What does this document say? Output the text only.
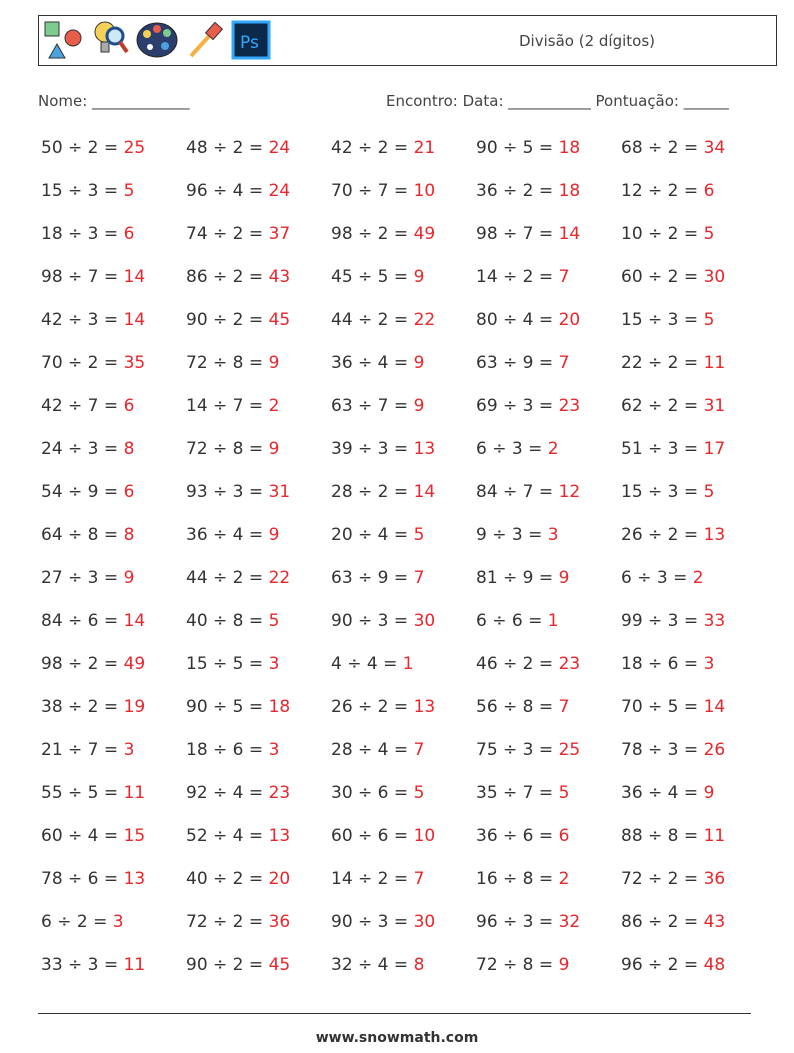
Ps	Divisão (2 dígitos)
Nome: _____________	Encontro: Data: ___________ Pontuação: ______
50 ÷ 2 = 25	48 ÷ 2 = 24	42 ÷ 2 = 21	90 ÷ 5 = 18	68 ÷ 2 = 34
15 ÷ 3 = 5	96 ÷ 4 = 24	70 ÷ 7 = 10	36 ÷ 2 = 18	12 ÷ 2 = 6
18 ÷ 3 = 6	74 ÷ 2 = 37	98 ÷ 2 = 49	98 ÷ 7 = 14	10 ÷ 2 = 5
98 ÷ 7 = 14	86 ÷ 2 = 43	45 ÷ 5 = 9	14 ÷ 2 = 7	60 ÷ 2 = 30
42 ÷ 3 = 14	90 ÷ 2 = 45	44 ÷ 2 = 22	80 ÷ 4 = 20	15 ÷ 3 = 5
70 ÷ 2 = 35	72 ÷ 8 = 9	36 ÷ 4 = 9	63 ÷ 9 = 7	22 ÷ 2 = 11
42 ÷ 7 = 6	14 ÷ 7 = 2	63 ÷ 7 = 9	69 ÷ 3 = 23	62 ÷ 2 = 31
24 ÷ 3 = 8	72 ÷ 8 = 9	39 ÷ 3 = 13	6 ÷ 3 = 2	51 ÷ 3 = 17
54 ÷ 9 = 6	93 ÷ 3 = 31	28 ÷ 2 = 14	84 ÷ 7 = 12	15 ÷ 3 = 5
64 ÷ 8 = 8	36 ÷ 4 = 9	20 ÷ 4 = 5	9 ÷ 3 = 3	26 ÷ 2 = 13
27 ÷ 3 = 9	44 ÷ 2 = 22	63 ÷ 9 = 7	81 ÷ 9 = 9	6 ÷ 3 = 2
84 ÷ 6 = 14	40 ÷ 8 = 5	90 ÷ 3 = 30	6 ÷ 6 = 1	99 ÷ 3 = 33
98 ÷ 2 = 49	15 ÷ 5 = 3	4 ÷ 4 = 1	46 ÷ 2 = 23	18 ÷ 6 = 3
38 ÷ 2 = 19	90 ÷ 5 = 18	26 ÷ 2 = 13	56 ÷ 8 = 7	70 ÷ 5 = 14
21 ÷ 7 = 3	18 ÷ 6 = 3	28 ÷ 4 = 7	75 ÷ 3 = 25	78 ÷ 3 = 26
55 ÷ 5 = 11	92 ÷ 4 = 23	30 ÷ 6 = 5	35 ÷ 7 = 5	36 ÷ 4 = 9
60 ÷ 4 = 15	52 ÷ 4 = 13	60 ÷ 6 = 10	36 ÷ 6 = 6	88 ÷ 8 = 11
78 ÷ 6 = 13	40 ÷ 2 = 20	14 ÷ 2 = 7	16 ÷ 8 = 2	72 ÷ 2 = 36
6 ÷ 2 = 3	72 ÷ 2 = 36	90 ÷ 3 = 30	96 ÷ 3 = 32	86 ÷ 2 = 43
33 ÷ 3 = 11	90 ÷ 2 = 45	32 ÷ 4 = 8	72 ÷ 8 = 9	96 ÷ 2 = 48
www.snowmath.com
